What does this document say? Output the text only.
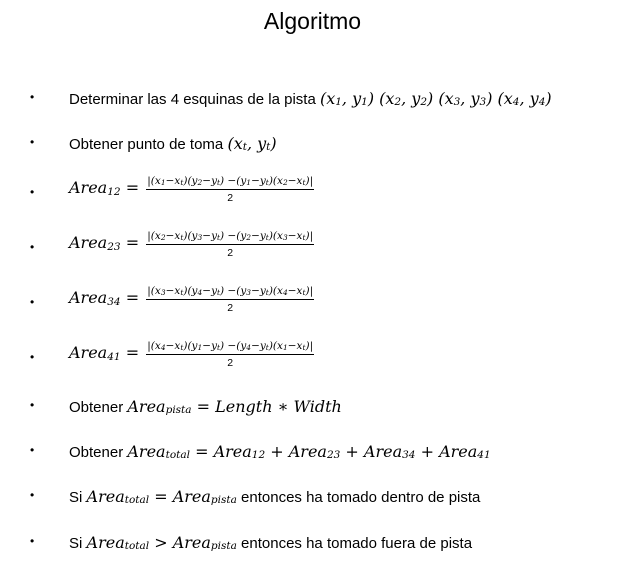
Algoritmo
• Determinar las 4 esquinas de la pista ($x_1$, $y_1$) ($x_2$, $y_2$) ($x_3$, $y_3$) ($x_4$, $y_4$)
• Obtener punto de toma ($x_t$, $y_t$)
• Area$_{12}$ = $\frac{|(x_1-x_t)(y_2-y_t) -(y_1-y_t)(x_2-x_t)|}{2}$
• Area$_{23}$ = $\frac{|(x_2-x_t)(y_3-y_t) -(y_2-y_t)(x_3-x_t)|}{2}$
• Area$_{34}$ = $\frac{|(x_3-x_t)(y_4-y_t) -(y_3-y_t)(x_4-x_t)|}{2}$
• Area$_{41}$ = $\frac{|(x_4-x_t)(y_1-y_t) -(y_4-y_t)(x_1-x_t)|}{2}$
• Obtener Area$_{pista}$ = Length ∗ Width
• Obtener Area$_{total}$ = Area$_{12}$ + Area$_{23}$ + Area$_{34}$ + Area$_{41}$
• Si Area$_{total}$ = Area$_{pista}$ entonces ha tomado dentro de pista
• Si Area$_{total}$ > Area$_{pista}$ entonces ha tomado fuera de pista
